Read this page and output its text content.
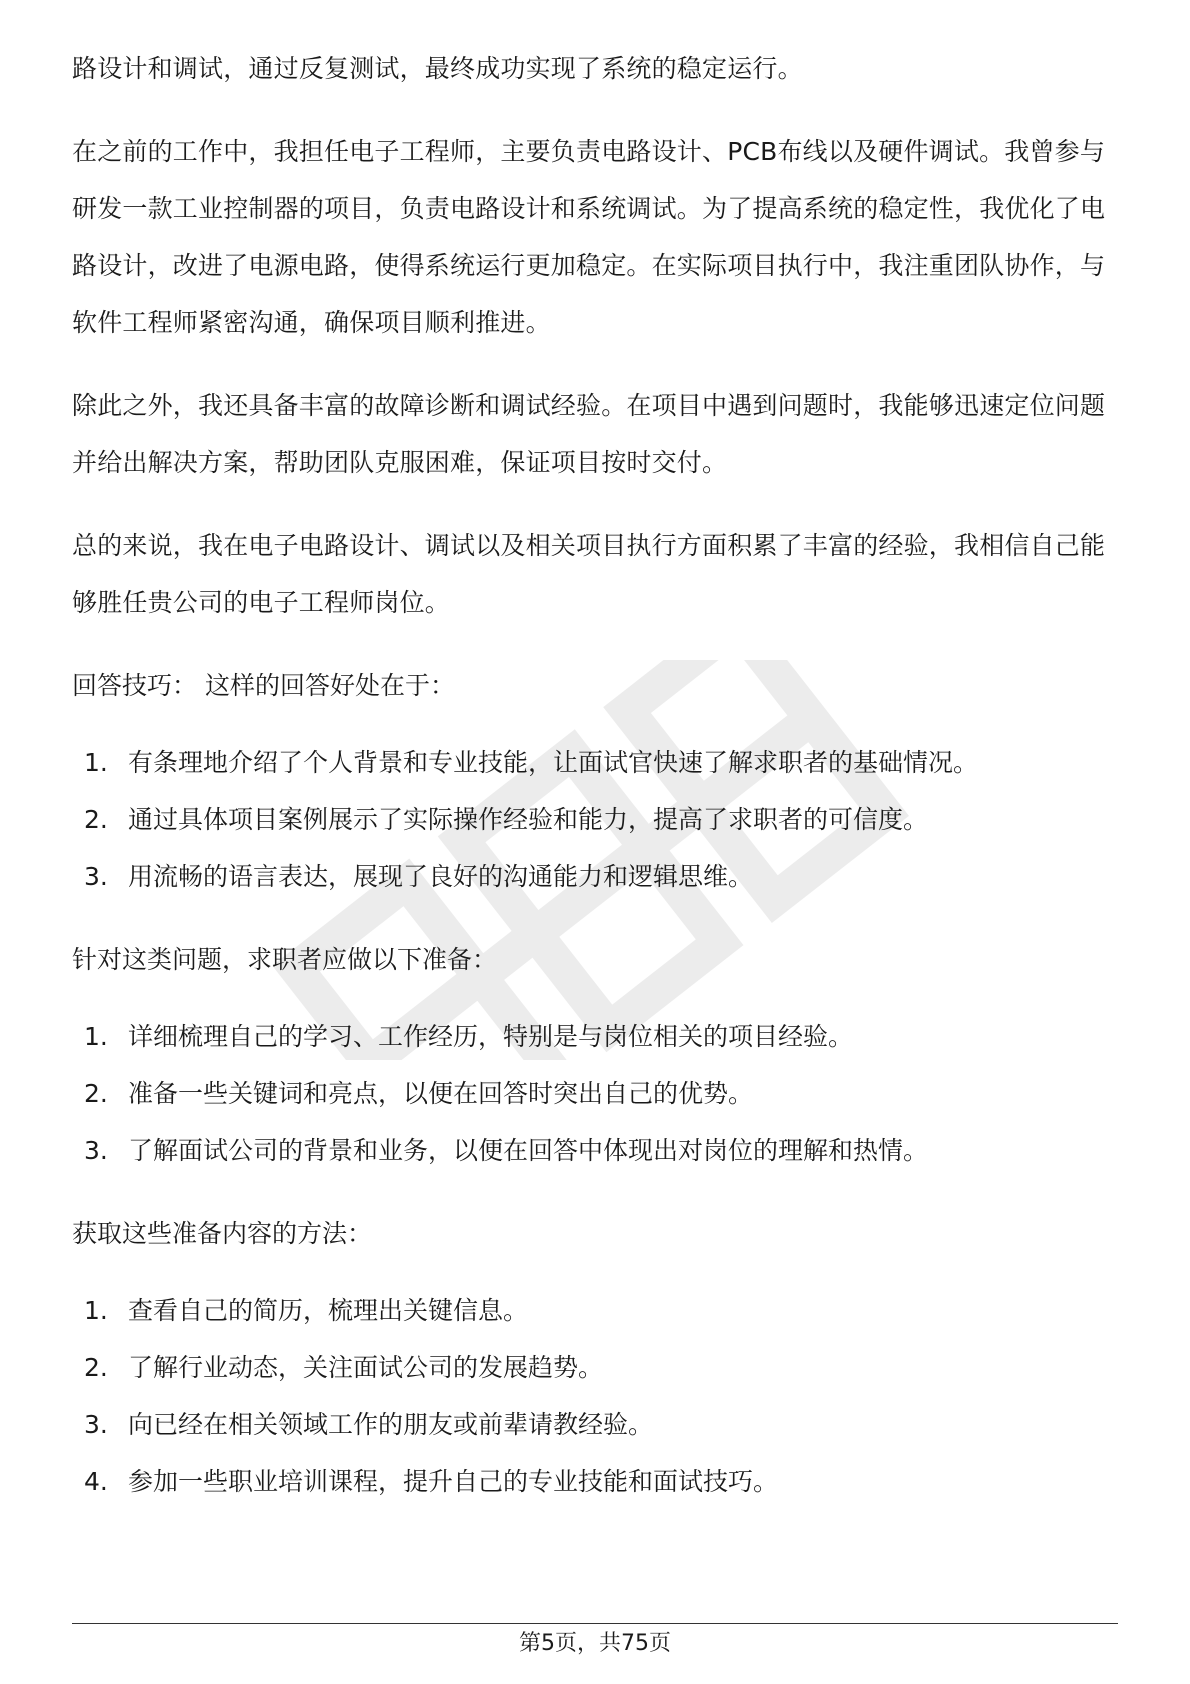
路设计和调试，通过反复测试，最终成功实现了系统的稳定运行。

在之前的工作中，我担任电子工程师，主要负责电路设计、PCB布线以及硬件调试。我曾参与研发一款工业控制器的项目，负责电路设计和系统调试。为了提高系统的稳定性，我优化了电路设计，改进了电源电路，使得系统运行更加稳定。在实际项目执行中，我注重团队协作，与软件工程师紧密沟通，确保项目顺利推进。

除此之外，我还具备丰富的故障诊断和调试经验。在项目中遇到问题时，我能够迅速定位问题并给出解决方案，帮助团队克服困难，保证项目按时交付。

总的来说，我在电子电路设计、调试以及相关项目执行方面积累了丰富的经验，我相信自己能够胜任贵公司的电子工程师岗位。

回答技巧： 这样的回答好处在于：

1. 有条理地介绍了个人背景和专业技能，让面试官快速了解求职者的基础情况。
2. 通过具体项目案例展示了实际操作经验和能力，提高了求职者的可信度。
3. 用流畅的语言表达，展现了良好的沟通能力和逻辑思维。

针对这类问题，求职者应做以下准备：

1. 详细梳理自己的学习、工作经历，特别是与岗位相关的项目经验。
2. 准备一些关键词和亮点，以便在回答时突出自己的优势。
3. 了解面试公司的背景和业务，以便在回答中体现出对岗位的理解和热情。

获取这些准备内容的方法：

1. 查看自己的简历，梳理出关键信息。
2. 了解行业动态，关注面试公司的发展趋势。
3. 向已经在相关领域工作的朋友或前辈请教经验。
4. 参加一些职业培训课程，提升自己的专业技能和面试技巧。
第5页，共75页
